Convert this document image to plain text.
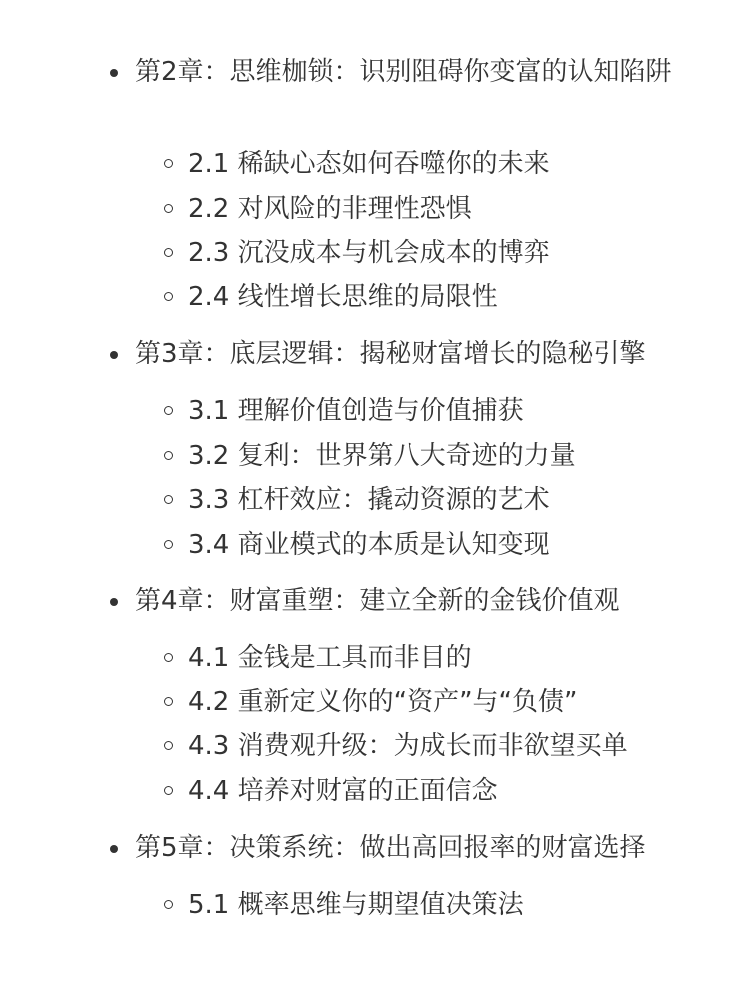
第2章：思维枷锁：识别阻碍你变富的认知陷阱
2.1 稀缺心态如何吞噬你的未来
2.2 对风险的非理性恐惧
2.3 沉没成本与机会成本的博弈
2.4 线性增长思维的局限性
第3章：底层逻辑：揭秘财富增长的隐秘引擎
3.1 理解价值创造与价值捕获
3.2 复利：世界第八大奇迹的力量
3.3 杠杆效应：撬动资源的艺术
3.4 商业模式的本质是认知变现
第4章：财富重塑：建立全新的金钱价值观
4.1 金钱是工具而非目的
4.2 重新定义你的“资产”与“负债”
4.3 消费观升级：为成长而非欲望买单
4.4 培养对财富的正面信念
第5章：决策系统：做出高回报率的财富选择
5.1 概率思维与期望值决策法
